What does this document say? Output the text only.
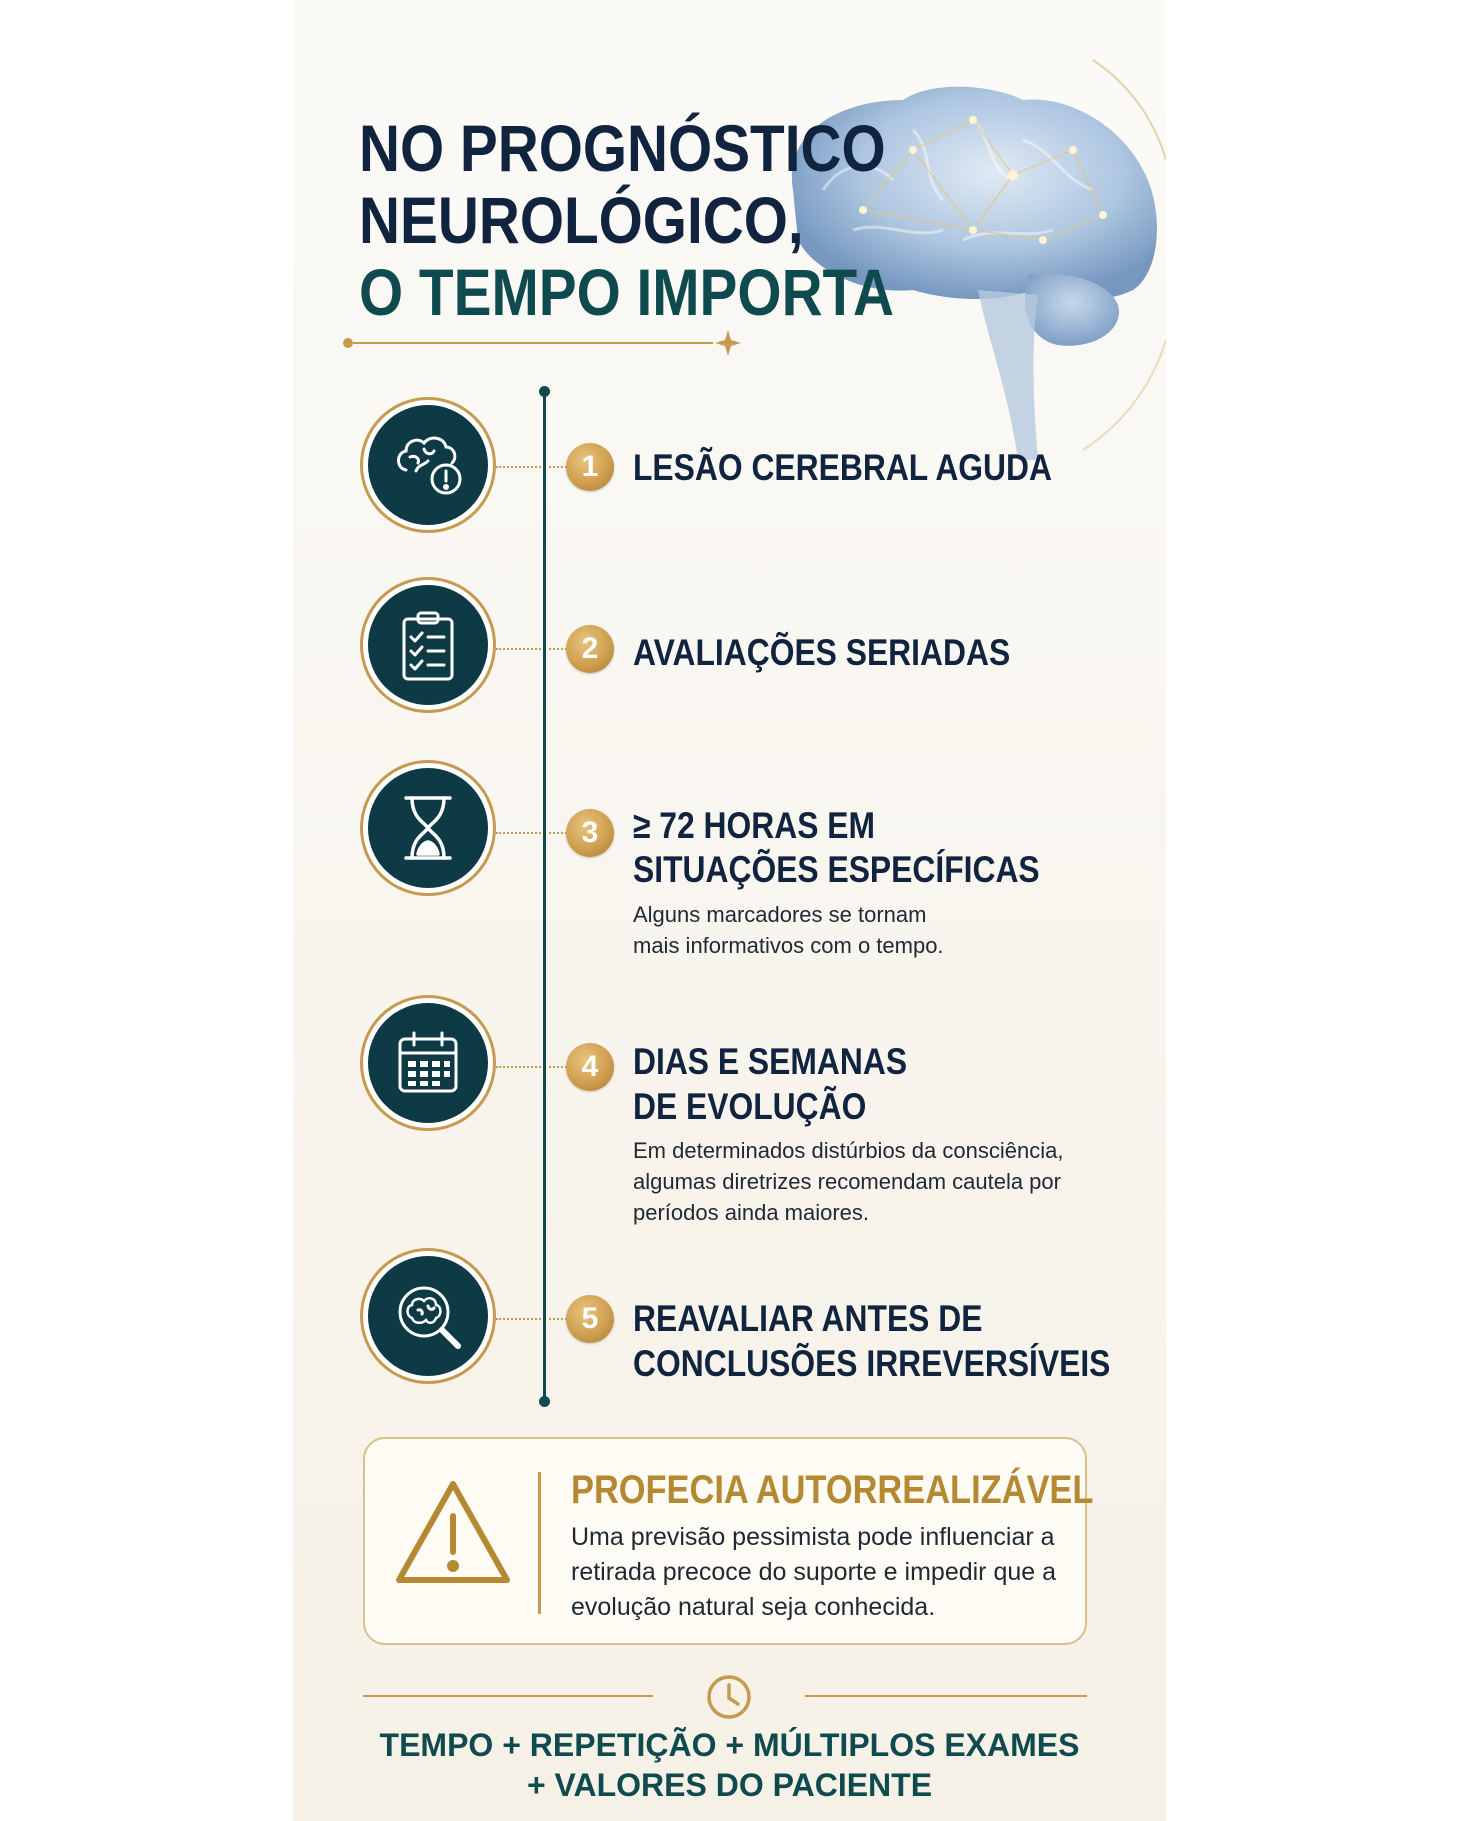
NO PROGNÓSTICO
NEUROLÓGICO,
O TEMPO IMPORTA
1 LESÃO CEREBRAL AGUDA
2 AVALIAÇÕES SERIADAS
3 ≥ 72 HORAS EM
SITUAÇÕES ESPECÍFICAS
Alguns marcadores se tornam
mais informativos com o tempo.
4 DIAS E SEMANAS
DE EVOLUÇÃO
Em determinados distúrbios da consciência,
algumas diretrizes recomendam cautela por
períodos ainda maiores.
5 REAVALIAR ANTES DE
CONCLUSÕES IRREVERSÍVEIS
PROFECIA AUTORREALIZÁVEL
Uma previsão pessimista pode influenciar a
retirada precoce do suporte e impedir que a
evolução natural seja conhecida.
TEMPO + REPETIÇÃO + MÚLTIPLOS EXAMES
+ VALORES DO PACIENTE
